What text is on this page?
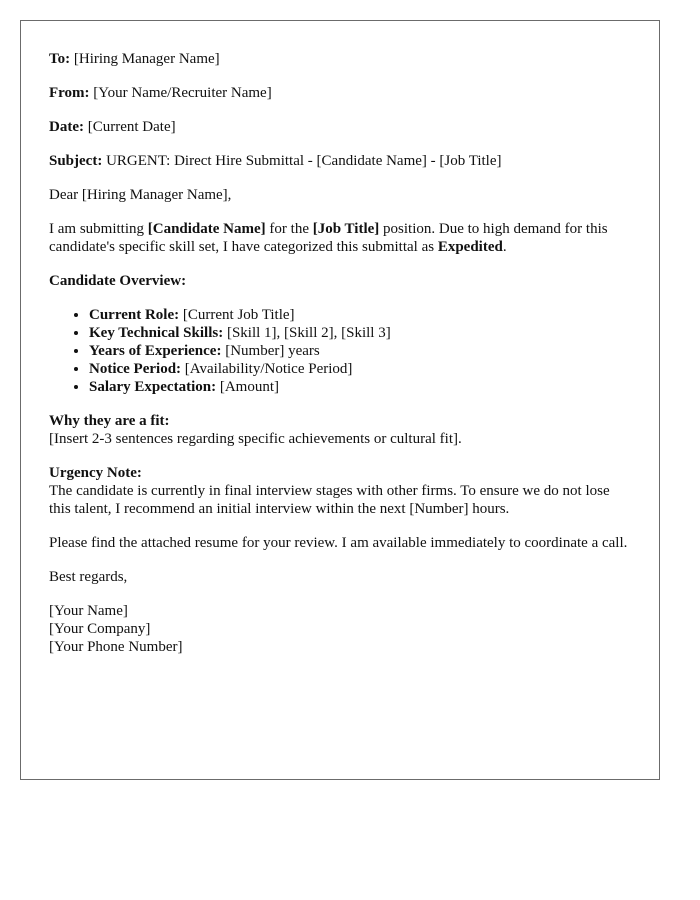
To: [Hiring Manager Name]

From: [Your Name/Recruiter Name]

Date: [Current Date]

Subject: URGENT: Direct Hire Submittal - [Candidate Name] - [Job Title]

Dear [Hiring Manager Name],

I am submitting [Candidate Name] for the [Job Title] position. Due to high demand for this candidate's specific skill set, I have categorized this submittal as Expedited.

Candidate Overview:

• Current Role: [Current Job Title]
• Key Technical Skills: [Skill 1], [Skill 2], [Skill 3]
• Years of Experience: [Number] years
• Notice Period: [Availability/Notice Period]
• Salary Expectation: [Amount]

Why they are a fit:

[Insert 2-3 sentences regarding specific achievements or cultural fit].

Urgency Note:

The candidate is currently in final interview stages with other firms. To ensure we do not lose this talent, I recommend an initial interview within the next [Number] hours.

Please find the attached resume for your review. I am available immediately to coordinate a call.

Best regards,

[Your Name]

[Your Company]

[Your Phone Number]
